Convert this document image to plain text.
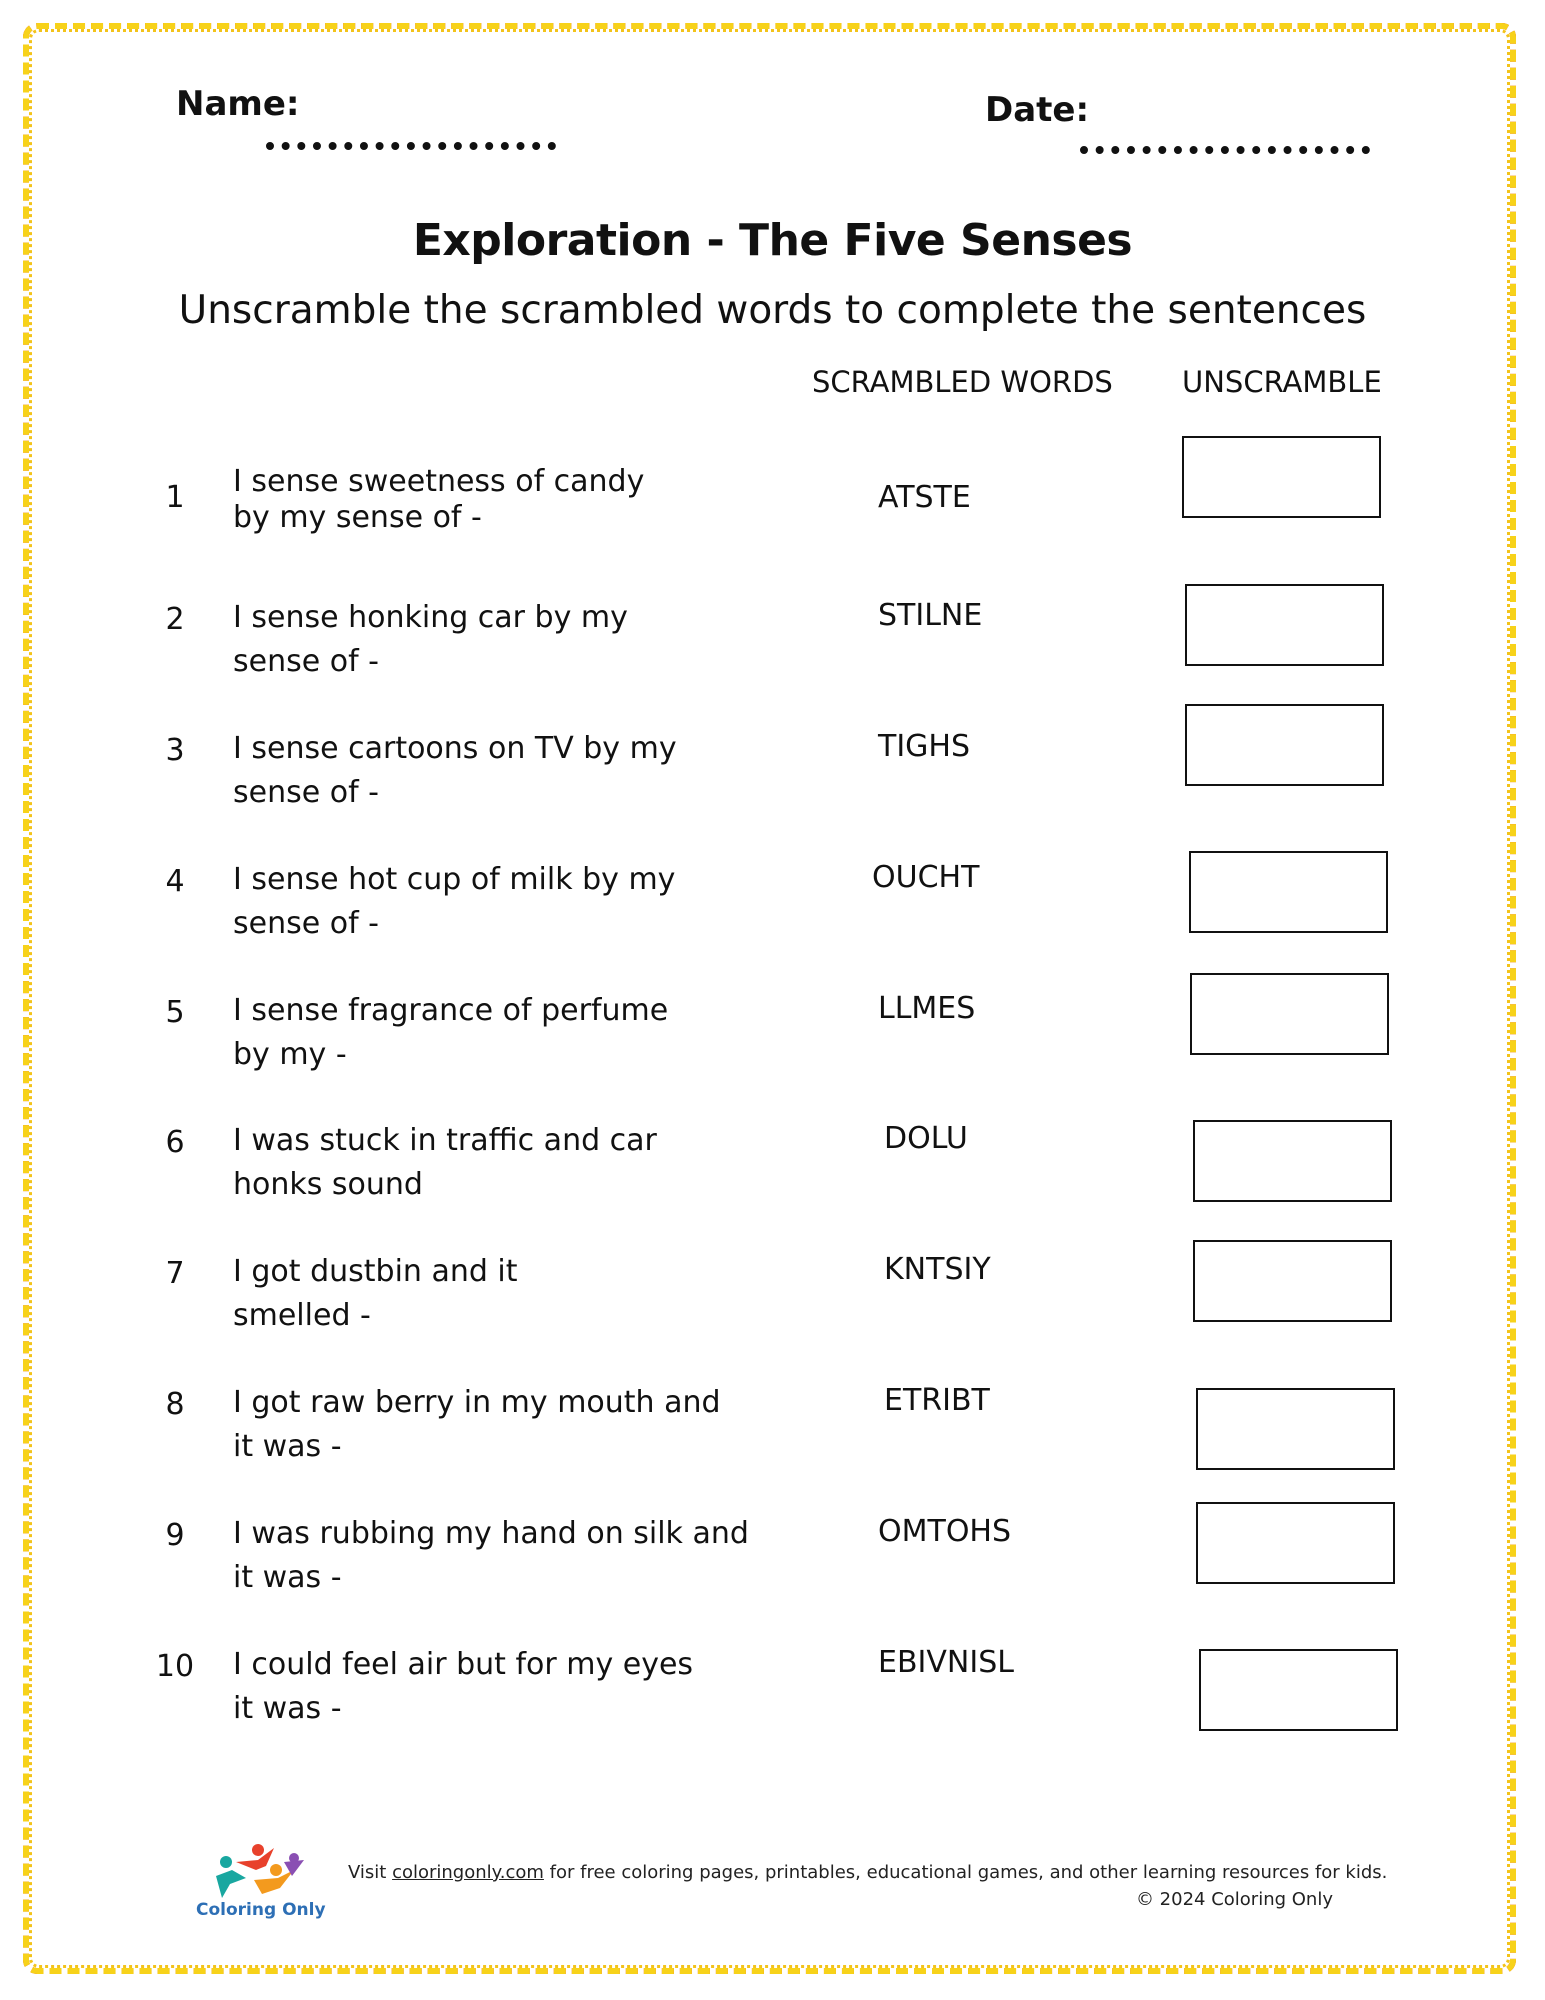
Name:	Date:
Exploration - The Five Senses
Unscramble the scrambled words to complete the sentences
SCRAMBLED WORDS UNSCRAMBLE
1	I sense sweetness of candy
by my sense of -
ATSTE
2	I sense honking car by my
sense of -
STILNE
3	I sense cartoons on TV by my
sense of -
TIGHS
4	I sense hot cup of milk by my
sense of -
OUCHT
5	I sense fragrance of perfume
by my -
LLMES
6	I was stuck in traffic and car
honks sound
DOLU
7	I got dustbin and it
smelled -
KNTSIY
8	I got raw berry in my mouth and
it was -
ETRIBT
9	I was rubbing my hand on silk and
it was -
OMTOHS
10 I could feel air but for my eyes
it was -
EBIVNISL
Coloring Only
Visit coloringonly.com for free coloring pages, printables, educational games, and other learning resources for kids.
© 2024 Coloring Only
